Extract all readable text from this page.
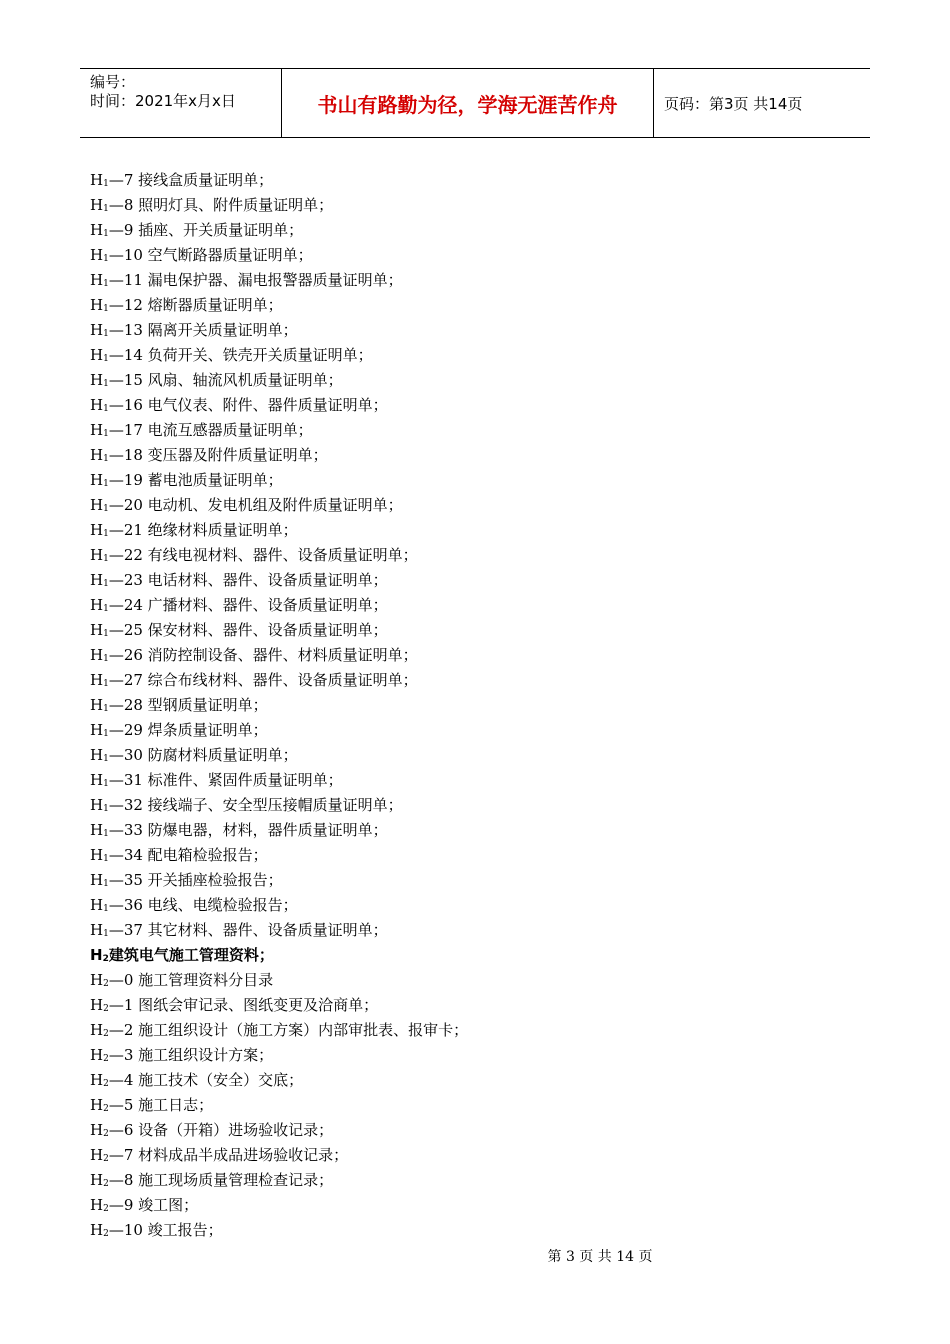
编号：
时间：2021年x月x日	书山有路勤为径，学海无涯苦作舟	页码：第3页 共14页
$H_1—7$ 接线盒质量证明单；
$H_1—8$ 照明灯具、附件质量证明单；
$H_1—9$ 插座、开关质量证明单；
$H_1—10$ 空气断路器质量证明单；
$H_1—11$ 漏电保护器、漏电报警器质量证明单；
$H_1—12$ 熔断器质量证明单；
$H_1—13$ 隔离开关质量证明单；
$H_1—14$ 负荷开关、铁壳开关质量证明单；
$H_1—15$ 风扇、轴流风机质量证明单；
$H_1—16$ 电气仪表、附件、器件质量证明单；
$H_1—17$ 电流互感器质量证明单；
$H_1—18$ 变压器及附件质量证明单；
$H_1—19$ 蓄电池质量证明单；
$H_1—20$ 电动机、发电机组及附件质量证明单；
$H_1—21$ 绝缘材料质量证明单；
$H_1—22$ 有线电视材料、器件、设备质量证明单；
$H_1—23$ 电话材料、器件、设备质量证明单；
$H_1—24$ 广播材料、器件、设备质量证明单；
$H_1—25$ 保安材料、器件、设备质量证明单；
$H_1—26$ 消防控制设备、器件、材料质量证明单；
$H_1—27$ 综合布线材料、器件、设备质量证明单；
$H_1—28$ 型钢质量证明单；
$H_1—29$ 焊条质量证明单；
$H_1—30$ 防腐材料质量证明单；
$H_1—31$ 标准件、紧固件质量证明单；
$H_1—32$ 接线端子、安全型压接帽质量证明单；
$H_1—33$ 防爆电器，材料，器件质量证明单；
$H_1—34$ 配电箱检验报告；
$H_1—35$ 开关插座检验报告；
$H_1—36$ 电线、电缆检验报告；
$H_1—37$ 其它材料、器件、设备质量证明单；
$H_2$建筑电气施工管理资料；
$H_2—0$ 施工管理资料分目录
$H_2—1$ 图纸会审记录、图纸变更及洽商单；
$H_2—2$ 施工组织设计（施工方案）内部审批表、报审卡；
$H_2—3$ 施工组织设计方案；
$H_2—4$ 施工技术（安全）交底；
$H_2—5$ 施工日志；
$H_2—6$ 设备（开箱）进场验收记录；
$H_2—7$ 材料成品半成品进场验收记录；
$H_2—8$ 施工现场质量管理检查记录；
$H_2—9$ 竣工图；
$H_2—10$ 竣工报告；
第 3 页 共 14 页
